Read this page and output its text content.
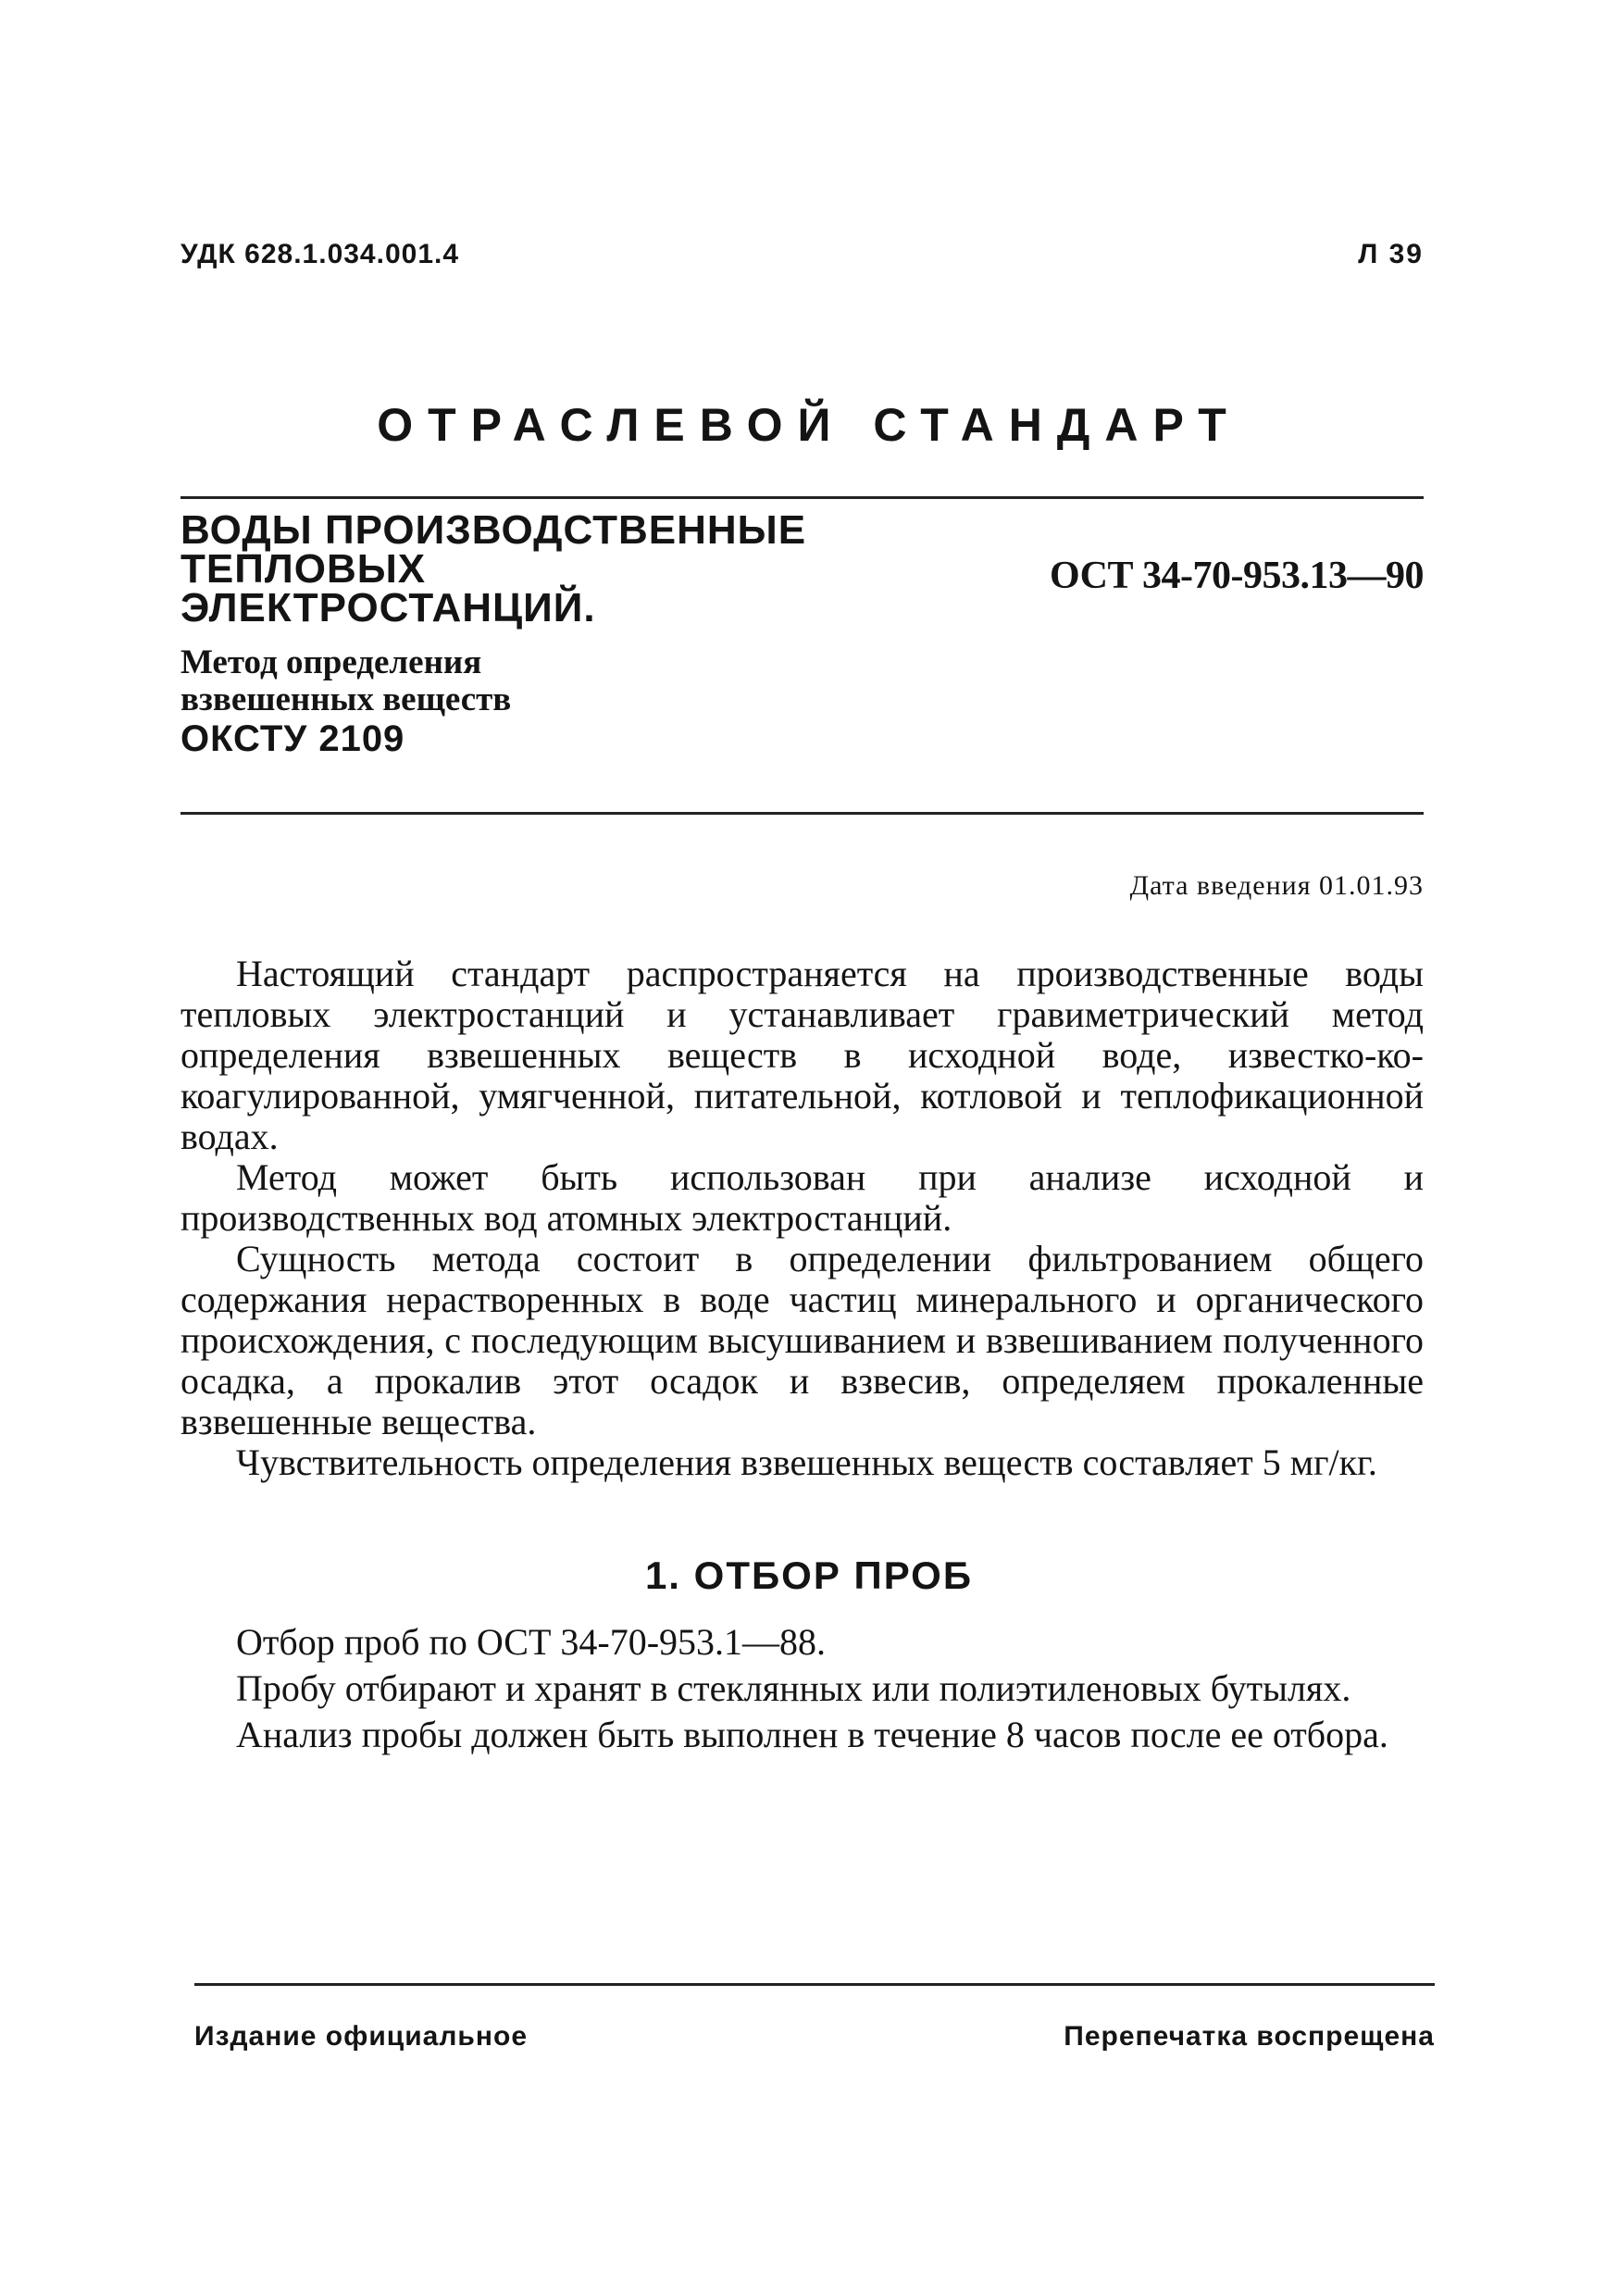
УДК 628.1.034.001.4	Л 39
ОТРАСЛЕВОЙ СТАНДАРТ
ВОДЫ ПРОИЗВОДСТВЕННЫЕ
ТЕПЛОВЫХ
ЭЛЕКТРОСТАНЦИЙ.
Метод определения
взвешенных веществ
ОКСТУ 2109
ОСТ 34-70-953.13—90
Дата введения 01.01.93

Настоящий стандарт распространяется на производственные воды тепловых электростанций и устанавливает гравиметрический метод определения взвешенных веществ в исходной воде, известко-ко-коагулированной, умягченной, питательной, котловой и теплофикационной водах.

Метод может быть использован при анализе исходной и производственных вод атомных электростанций.

Сущность метода состоит в определении фильтрованием общего содержания нерастворенных в воде частиц минерального и органического происхождения, с последующим высушиванием и взвешиванием полученного осадка, а прокалив этот осадок и взвесив, определяем прокаленные взвешенные вещества.

Чувствительность определения взвешенных веществ составляет 5 мг/кг.

1. ОТБОР ПРОБ

Отбор проб по ОСТ 34-70-953.1—88.

Пробу отбирают и хранят в стеклянных или полиэтиленовых бутылях.

Анализ пробы должен быть выполнен в течение 8 часов после ее отбора.

Издание официальное	Перепечатка воспрещена
